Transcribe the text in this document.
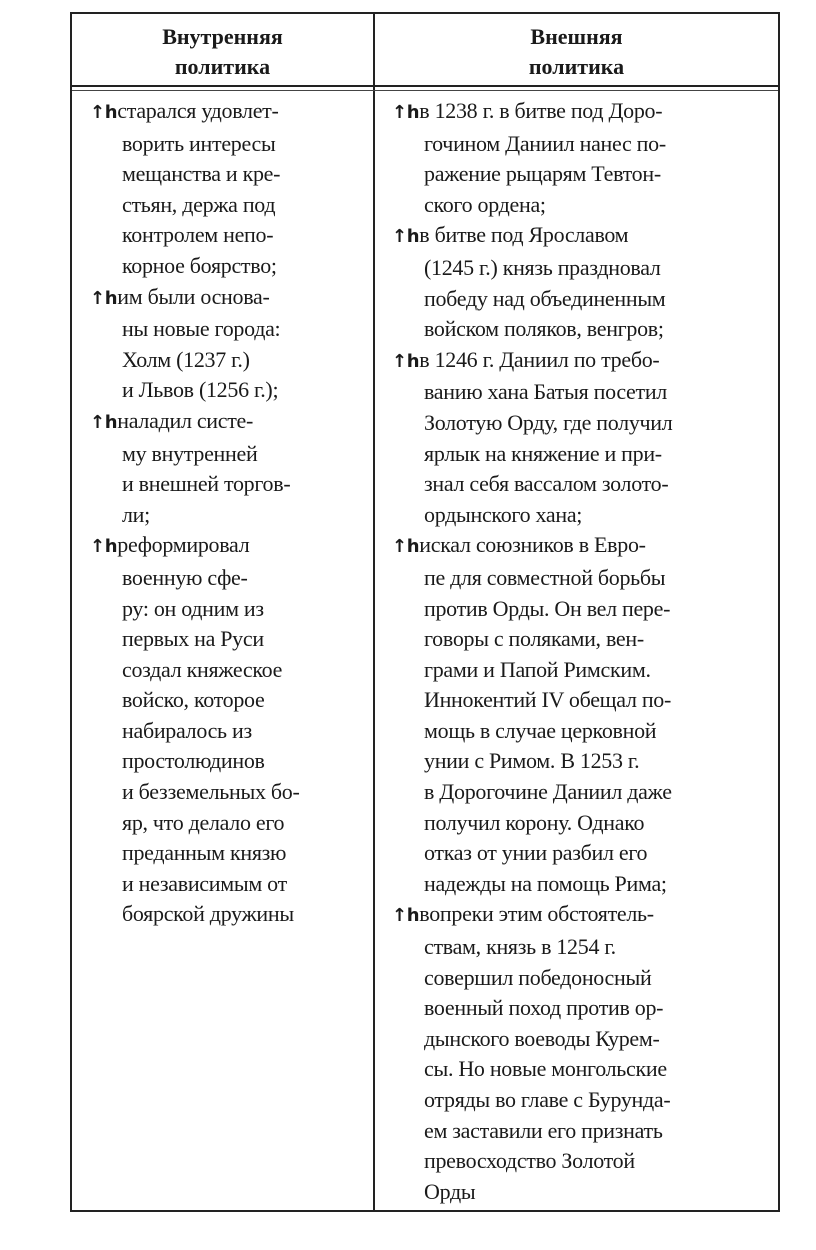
Внутренняя
политика
Внешняя
политика
↑hстарался удовлет-
ворить интересы
мещанства и кре-
стьян, держа под
контролем непо-
корное боярство;
↑hим были основа-
ны новые города:
Холм (1237 г.)
и Львов (1256 г.);
↑hналадил систе-
му внутренней
и внешней торгов-
ли;
↑hреформировал
военную сфе-
ру: он одним из
первых на Руси
создал княжеское
войско, которое
набиралось из
простолюдинов
и безземельных бо-
яр, что делало его
преданным князю
и независимым от
боярской дружины
↑hв 1238 г. в битве под Доро-
гочином Даниил нанес по-
ражение рыцарям Тевтон-
ского ордена;
↑hв битве под Ярославом
(1245 г.) князь праздновал
победу над объединенным
войском поляков, венгров;
↑hв 1246 г. Даниил по требо-
ванию хана Батыя посетил
Золотую Орду, где получил
ярлык на княжение и при-
знал себя вассалом золото-
ордынского хана;
↑hискал союзников в Евро-
пе для совместной борьбы
против Орды. Он вел пере-
говоры с поляками, вен-
грами и Папой Римским.
Иннокентий IV обещал по-
мощь в случае церковной
унии с Римом. В 1253 г.
в Дорогочине Даниил даже
получил корону. Однако
отказ от унии разбил его
надежды на помощь Рима;
↑hвопреки этим обстоятель-
ствам, князь в 1254 г.
совершил победоносный
военный поход против ор-
дынского воеводы Курем-
сы. Но новые монгольские
отряды во главе с Бурунда-
ем заставили его признать
превосходство Золотой
Орды
